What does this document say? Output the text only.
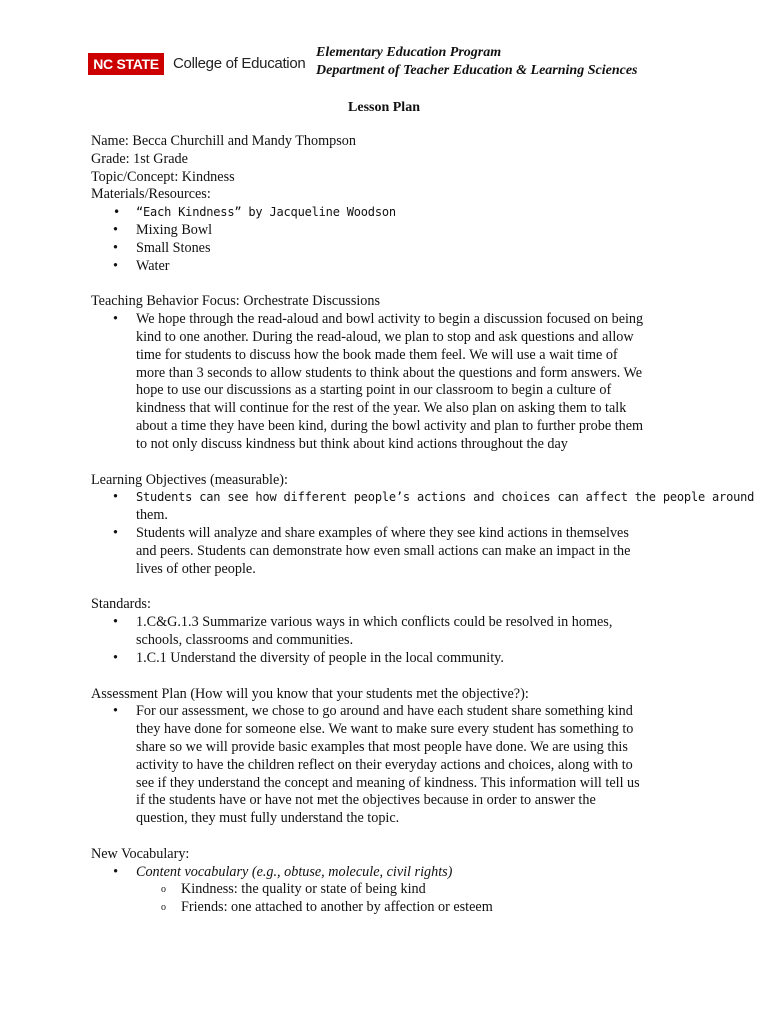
NC STATE College of Education
Elementary Education Program
Department of Teacher Education & Learning Sciences
Lesson Plan
Name: Becca Churchill and Mandy Thompson
Grade: 1st Grade
Topic/Concept: Kindness
Materials/Resources:
• “Each Kindness” by Jacqueline Woodson
• Mixing Bowl
• Small Stones
• Water
Teaching Behavior Focus: Orchestrate Discussions
• We hope through the read-aloud and bowl activity to begin a discussion focused on being
kind to one another. During the read-aloud, we plan to stop and ask questions and allow
time for students to discuss how the book made them feel. We will use a wait time of
more than 3 seconds to allow students to think about the questions and form answers. We
hope to use our discussions as a starting point in our classroom to begin a culture of
kindness that will continue for the rest of the year. We also plan on asking them to talk
about a time they have been kind, during the bowl activity and plan to further probe them
to not only discuss kindness but think about kind actions throughout the day
Learning Objectives (measurable):
• Students can see how different people’s actions and choices can affect the people around
them.
• Students will analyze and share examples of where they see kind actions in themselves
and peers. Students can demonstrate how even small actions can make an impact in the
lives of other people.
Standards:
• 1.C&G.1.3 Summarize various ways in which conflicts could be resolved in homes,
schools, classrooms and communities.
• 1.C.1 Understand the diversity of people in the local community.
Assessment Plan (How will you know that your students met the objective?):
• For our assessment, we chose to go around and have each student share something kind
they have done for someone else. We want to make sure every student has something to
share so we will provide basic examples that most people have done. We are using this
activity to have the children reflect on their everyday actions and choices, along with to
see if they understand the concept and meaning of kindness. This information will tell us
if the students have or have not met the objectives because in order to answer the
question, they must fully understand the topic.
New Vocabulary:
• Content vocabulary (e.g., obtuse, molecule, civil rights)
o Kindness: the quality or state of being kind
o Friends: one attached to another by affection or esteem
